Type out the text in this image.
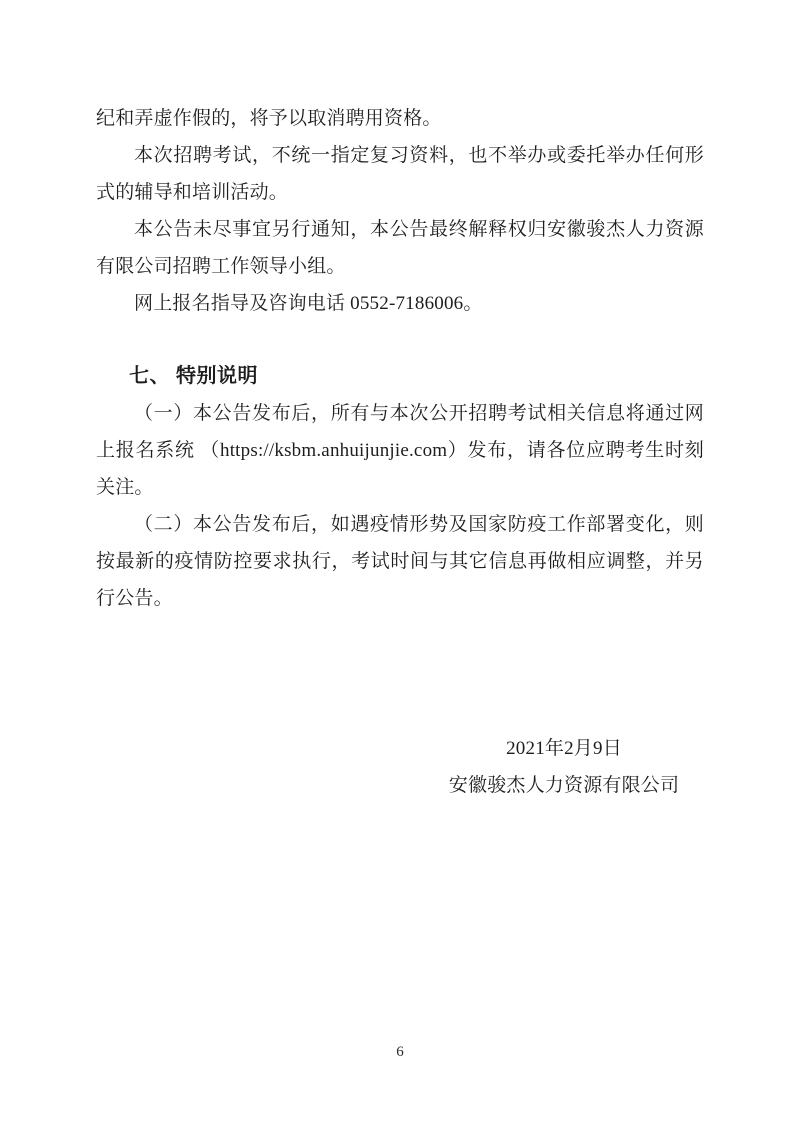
纪和弄虚作假的，将予以取消聘用资格。

本次招聘考试，不统一指定复习资料，也不举办或委托举办任何形式的辅导和培训活动。

本公告未尽事宜另行通知，本公告最终解释权归安徽骏杰人力资源有限公司招聘工作领导小组。

网上报名指导及咨询电话 0552-7186006。

七、 特别说明

（一）本公告发布后，所有与本次公开招聘考试相关信息将通过网上报名系统 （https://ksbm.anhuijunjie.com）发布，请各位应聘考生时刻关注。

（二）本公告发布后，如遇疫情形势及国家防疫工作部署变化，则按最新的疫情防控要求执行，考试时间与其它信息再做相应调整，并另行公告。

2021年2月9日

安徽骏杰人力资源有限公司

6
